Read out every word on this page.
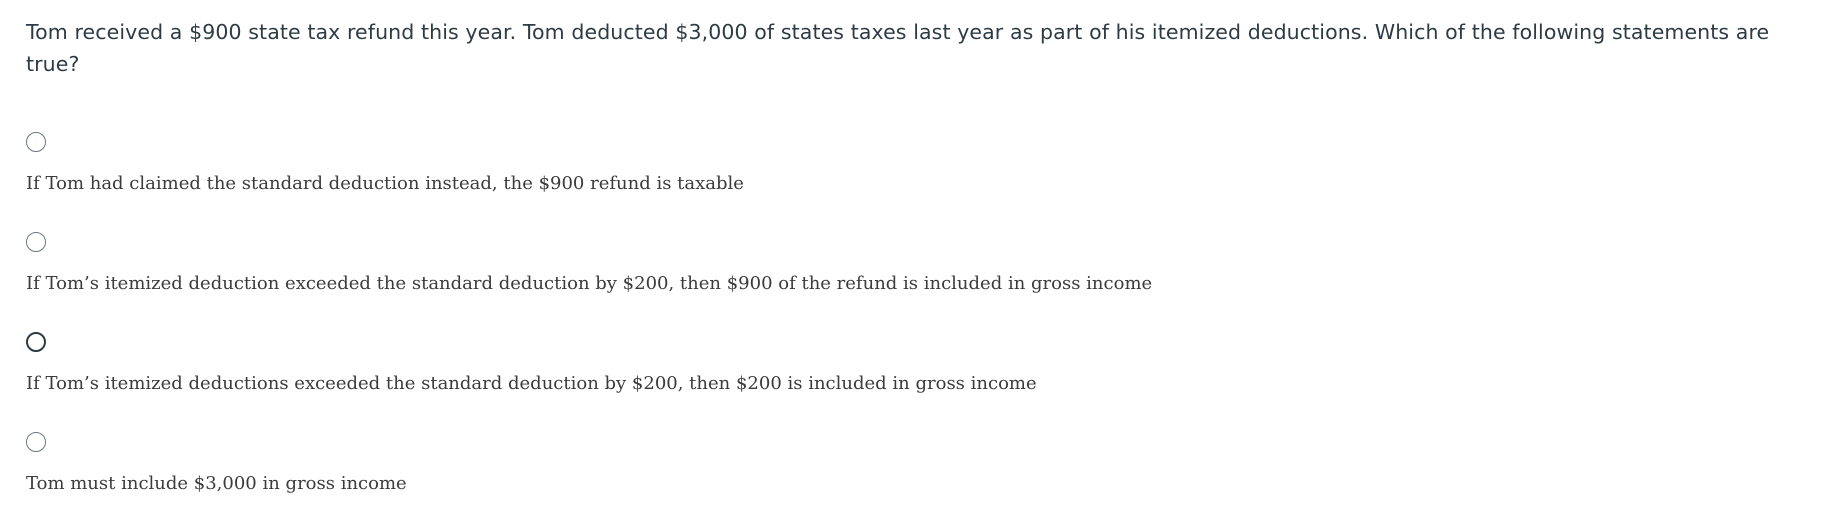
Tom received a $900 state tax refund this year. Tom deducted $3,000 of states taxes last year as part of his itemized deductions. Which of the following statements are true?

If Tom had claimed the standard deduction instead, the $900 refund is taxable
If Tom’s itemized deduction exceeded the standard deduction by $200, then $900 of the refund is included in gross income
If Tom’s itemized deductions exceeded the standard deduction by $200, then $200 is included in gross income
Tom must include $3,000 in gross income
